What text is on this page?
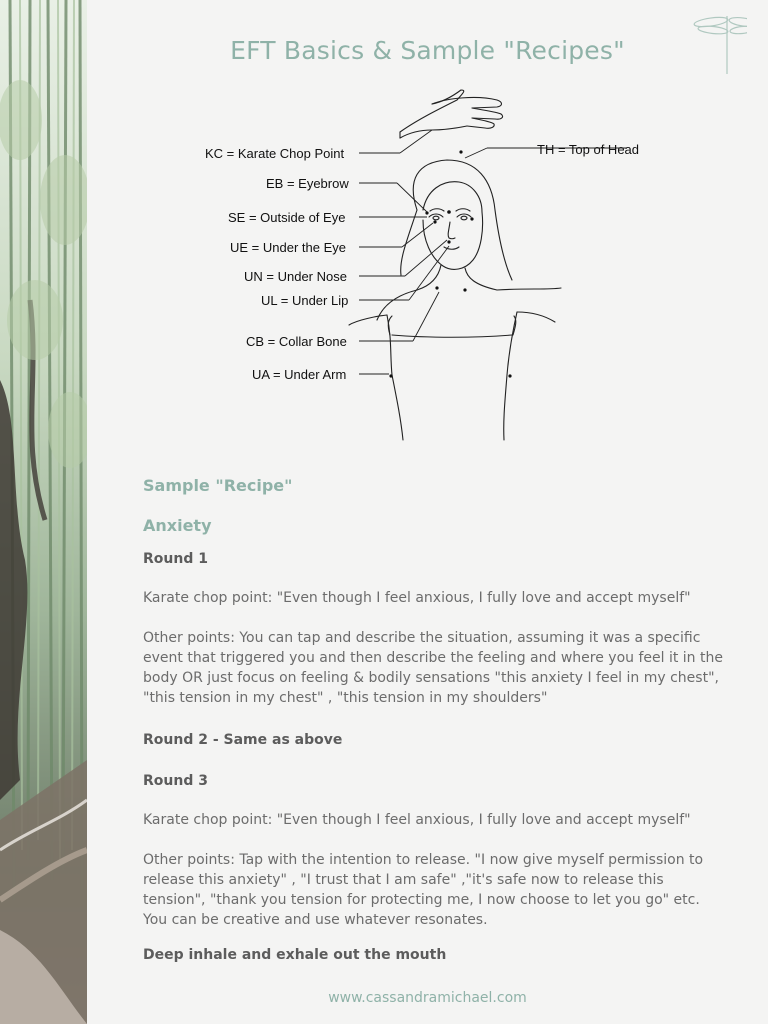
EFT Basics & Sample "Recipes"
KC = Karate Chop Point
EB = Eyebrow
SE = Outside of Eye
UE = Under the Eye
UN = Under Nose
UL = Under Lip
CB = Collar Bone
UA = Under Arm
TH = Top of Head
Sample "Recipe"
Anxiety
Round 1
Karate chop point: "Even though I feel anxious, I fully love and accept myself"
Other points: You can tap and describe the situation, assuming it was a specific event that triggered you and then describe the feeling and where you feel it in the body OR just focus on feeling & bodily sensations "this anxiety I feel in my chest", "this tension in my chest" , "this tension in my shoulders"
Round 2 - Same as above
Round 3
Karate chop point: "Even though I feel anxious, I fully love and accept myself"
Other points: Tap with the intention to release. "I now give myself permission to release this anxiety" , "I trust that I am safe" ,"it's safe now to release this tension", "thank you tension for protecting me, I now choose to let you go" etc. You can be creative and use whatever resonates.
Deep inhale and exhale out the mouth
www.cassandramichael.com
